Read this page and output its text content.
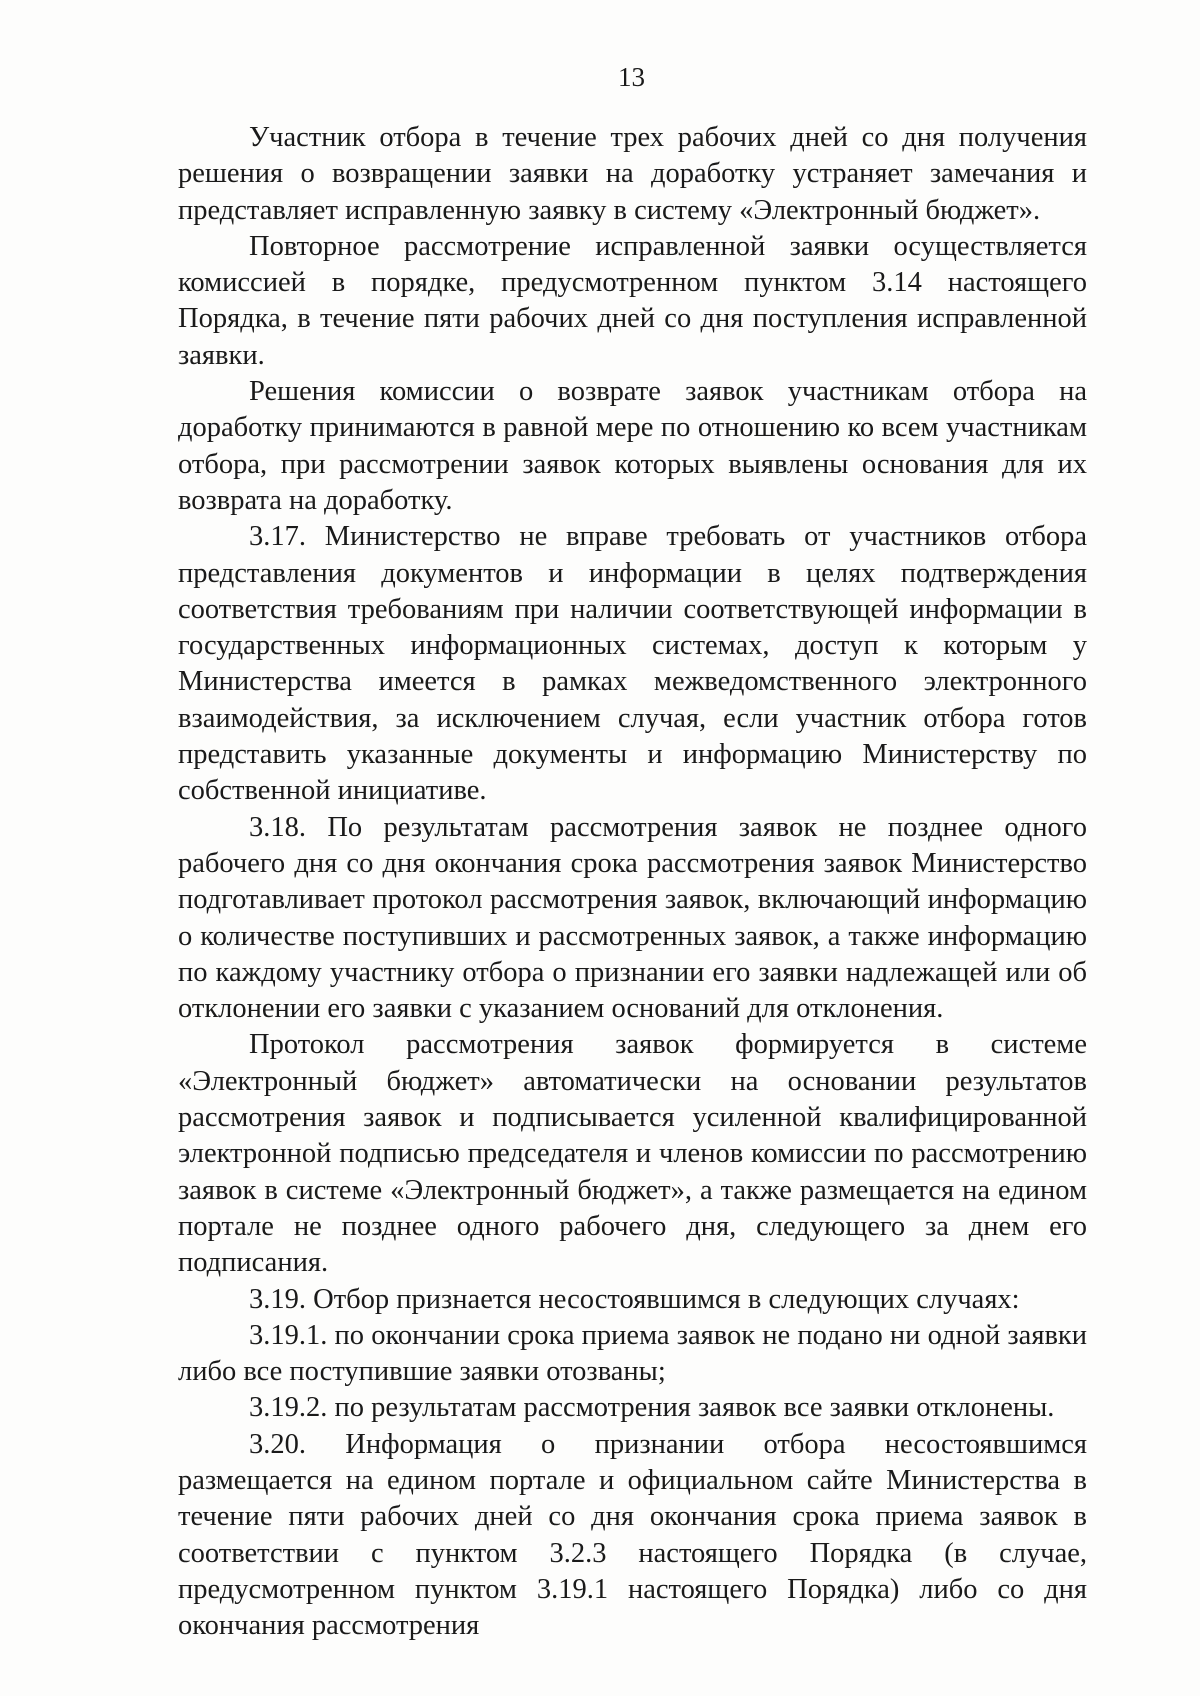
13

Участник отбора в течение трех рабочих дней со дня получения решения о возвращении заявки на доработку устраняет замечания и представляет исправленную заявку в систему «Электронный бюджет».

Повторное рассмотрение исправленной заявки осуществляется комиссией в порядке, предусмотренном пунктом 3.14 настоящего Порядка, в течение пяти рабочих дней со дня поступления исправленной заявки.

Решения комиссии о возврате заявок участникам отбора на доработку принимаются в равной мере по отношению ко всем участникам отбора, при рассмотрении заявок которых выявлены основания для их возврата на доработку.

3.17. Министерство не вправе требовать от участников отбора представления документов и информации в целях подтверждения соответствия требованиям при наличии соответствующей информации в государственных информационных системах, доступ к которым у Министерства имеется в рамках межведомственного электронного взаимодействия, за исключением случая, если участник отбора готов представить указанные документы и информацию Министерству по собственной инициативе.

3.18. По результатам рассмотрения заявок не позднее одного рабочего дня со дня окончания срока рассмотрения заявок Министерство подготавливает протокол рассмотрения заявок, включающий информацию о количестве поступивших и рассмотренных заявок, а также информацию по каждому участнику отбора о признании его заявки надлежащей или об отклонении его заявки с указанием оснований для отклонения.

Протокол рассмотрения заявок формируется в системе «Электронный бюджет» автоматически на основании результатов рассмотрения заявок и подписывается усиленной квалифицированной электронной подписью председателя и членов комиссии по рассмотрению заявок в системе «Электронный бюджет», а также размещается на едином портале не позднее одного рабочего дня, следующего за днем его подписания.

3.19. Отбор признается несостоявшимся в следующих случаях:

3.19.1. по окончании срока приема заявок не подано ни одной заявки либо все поступившие заявки отозваны;

3.19.2. по результатам рассмотрения заявок все заявки отклонены.

3.20. Информация о признании отбора несостоявшимся размещается на едином портале и официальном сайте Министерства в течение пяти рабочих дней со дня окончания срока приема заявок в соответствии с пунктом 3.2.3 настоящего Порядка (в случае, предусмотренном пунктом 3.19.1 настоящего Порядка) либо со дня окончания рассмотрения
